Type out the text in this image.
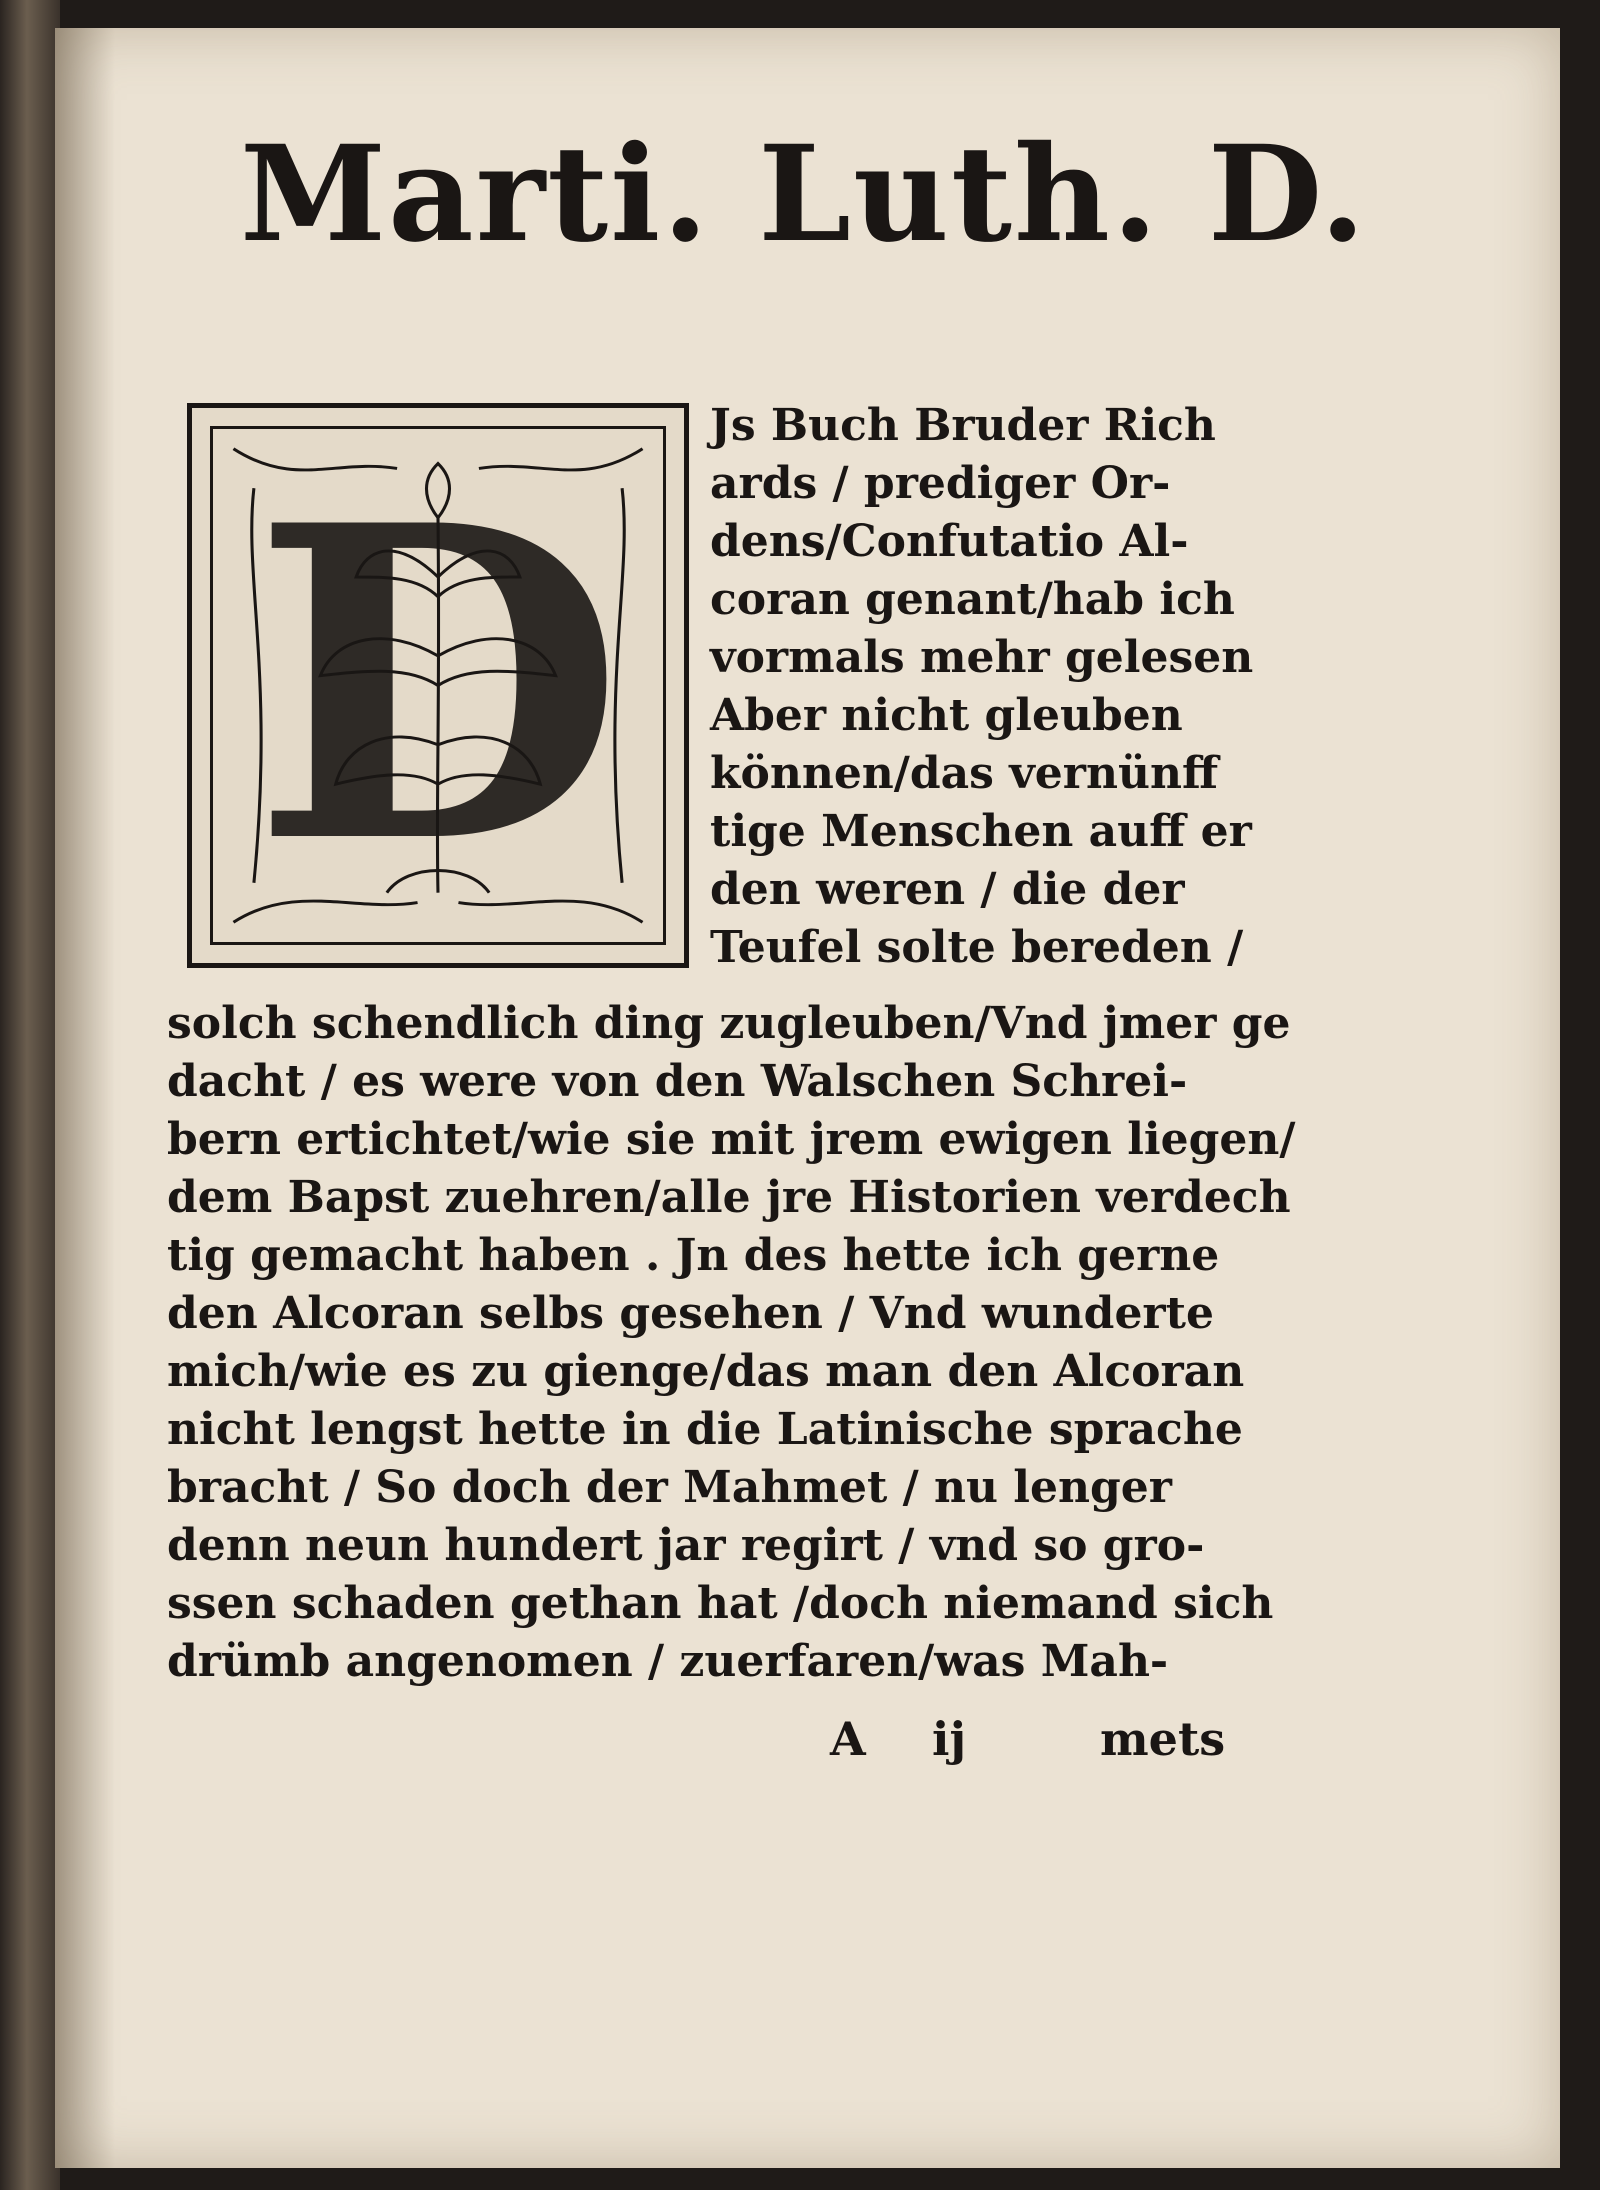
Marti. Luth. D.
D
Js Buch Bruder Rich
ards / prediger Or-
dens/Confutatio Al-
coran genant/hab ich
vormals mehr gelesen
Aber nicht gleuben
können/das vernünff
tige Menschen auff er
den weren / die der
Teufel solte bereden /
solch schendlich ding zugleuben/Vnd jmer ge
dacht / es were von den Walschen Schrei-
bern ertichtet/wie sie mit jrem ewigen liegen/
dem Bapst zuehren/alle jre Historien verdech
tig gemacht haben . Jn des hette ich gerne
den Alcoran selbs gesehen / Vnd wunderte
mich/wie es zu gienge/das man den Alcoran
nicht lengst hette in die Latinische sprache
bracht / So doch der Mahmet / nu lenger
denn neun hundert jar regirt / vnd so gro-
ssen schaden gethan hat /doch niemand sich
drümb angenomen / zuerfaren/was Mah-
A ij	mets
